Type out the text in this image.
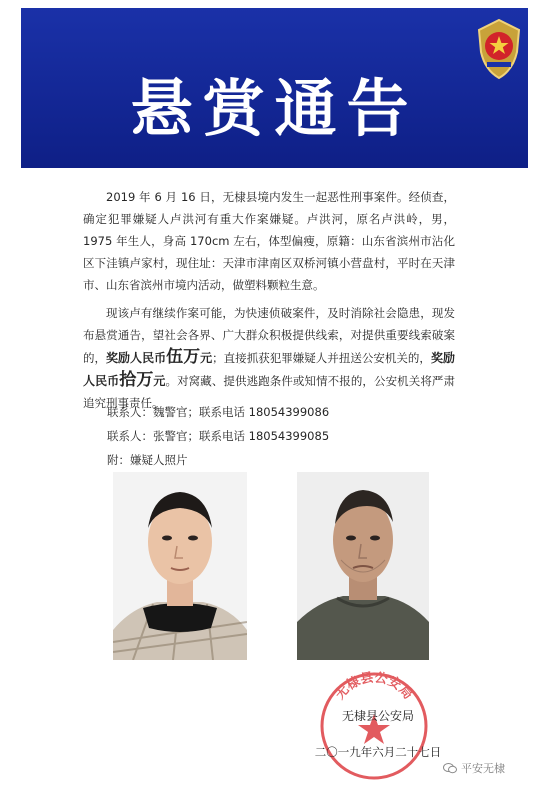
悬赏通告

2019 年 6 月 16 日，无棣县境内发生一起恶性刑事案件。经侦查，确定犯罪嫌疑人卢洪河有重大作案嫌疑。卢洪河，原名卢洪岭，男，1975 年生人，身高 170cm 左右，体型偏瘦，原籍：山东省滨州市沾化区下洼镇卢家村，现住址：天津市津南区双桥河镇小营盘村，平时在天津市、山东省滨州市境内活动，做塑料颗粒生意。

现该卢有继续作案可能，为快速侦破案件，及时消除社会隐患，现发布悬赏通告，望社会各界、广大群众积极提供线索，对提供重要线索破案的，奖励人民币伍万元；直接抓获犯罪嫌疑人并扭送公安机关的，奖励人民币拾万元。对窝藏、提供逃跑条件或知情不报的，公安机关将严肃追究刑事责任。

联系人：魏警官；联系电话 18054399086
联系人：张警官；联系电话 18054399085
附：嫌疑人照片
无棣县公安局
无棣县公安局
二〇一九年六月二十七日
平安无棣
